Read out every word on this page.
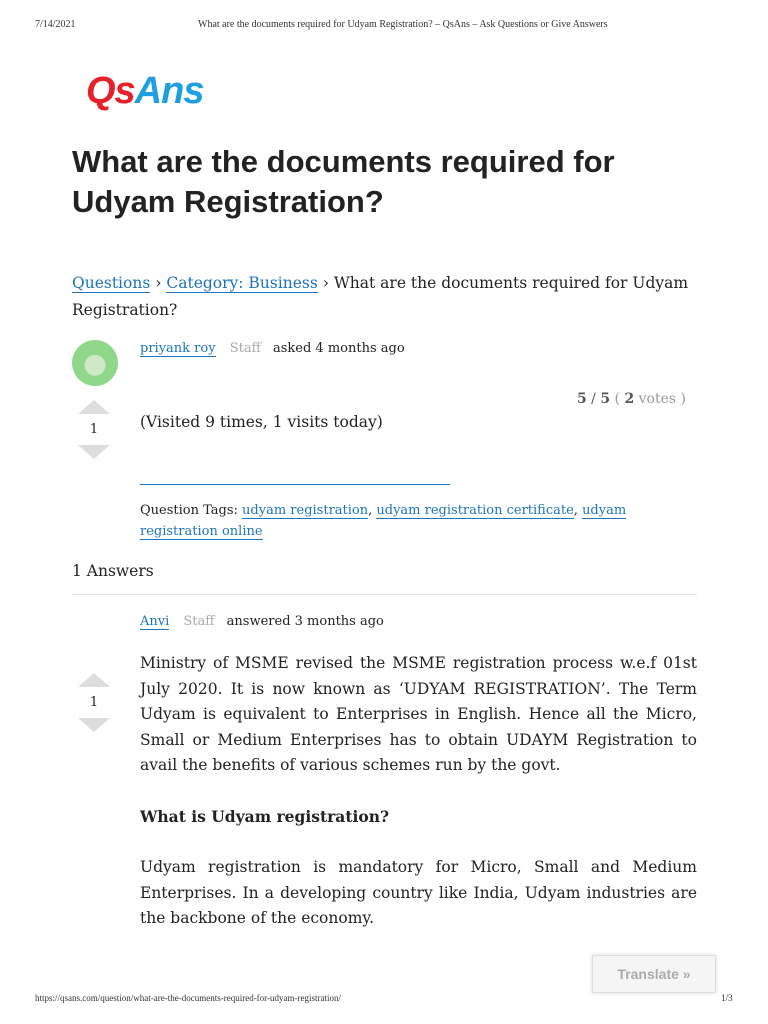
7/14/2021	What are the documents required for Udyam Registration? – QsAns – Ask Questions or Give Answers
QsAns
What are the documents required for Udyam Registration?
Questions › Category: Business › What are the documents required for Udyam Registration?
priyank roy Staff asked 4 months ago
1
5 / 5 ( 2 votes )
(Visited 9 times, 1 visits today)
Question Tags: udyam registration, udyam registration certificate, udyam registration online
1 Answers
Anvi Staff answered 3 months ago
1
Ministry of MSME revised the MSME registration process w.e.f 01st July 2020. It is now known as ‘UDYAM REGISTRATION’. The Term Udyam is equivalent to Enterprises in English. Hence all the Micro, Small or Medium Enterprises has to obtain UDAYM Registration to avail the benefits of various schemes run by the govt.
What is Udyam registration?
Udyam registration is mandatory for Micro, Small and Medium Enterprises. In a developing country like India, Udyam industries are the backbone of the economy.
Translate »
https://qsans.com/question/what-are-the-documents-required-for-udyam-registration/	1/3
